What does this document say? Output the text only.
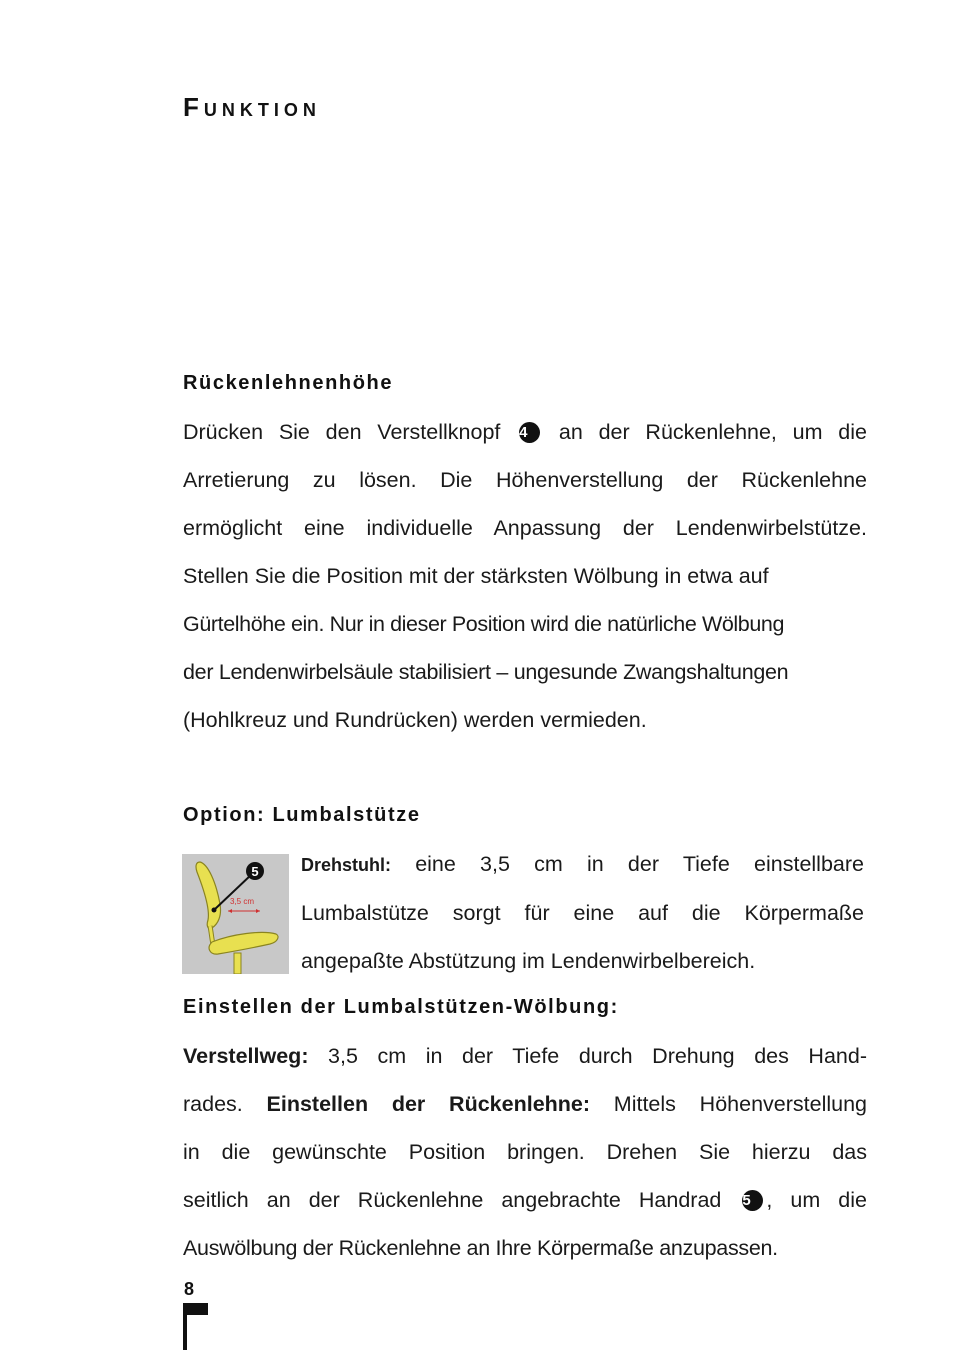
Funktion
Rückenlehnenhöhe
Drücken Sie den Verstellknopf 4 an der Rückenlehne, um die
Arretierung zu lösen. Die Höhenverstellung der Rückenlehne
ermöglicht eine individuelle Anpassung der Lendenwirbelstütze.
Stellen Sie die Position mit der stärksten Wölbung in etwa auf
Gürtelhöhe ein. Nur in dieser Position wird die natürliche Wölbung
der Lendenwirbelsäule stabilisiert – ungesunde Zwangshaltungen
(Hohlkreuz und Rundrücken) werden vermieden.
Option: Lumbalstütze
5
3,5 cm
Drehstuhl: eine 3,5 cm in der Tiefe einstellbare
Lumbalstütze sorgt für eine auf die Körpermaße
angepaßte Abstützung im Lendenwirbelbereich.
Einstellen der Lumbalstützen-Wölbung:
Verstellweg: 3,5 cm in der Tiefe durch Drehung des Hand-
rades. Einstellen der Rückenlehne: Mittels Höhenverstellung
in die gewünschte Position bringen. Drehen Sie hierzu das
seitlich an der Rückenlehne angebrachte Handrad 5 , um die
Auswölbung der Rückenlehne an Ihre Körpermaße anzupassen.
8
